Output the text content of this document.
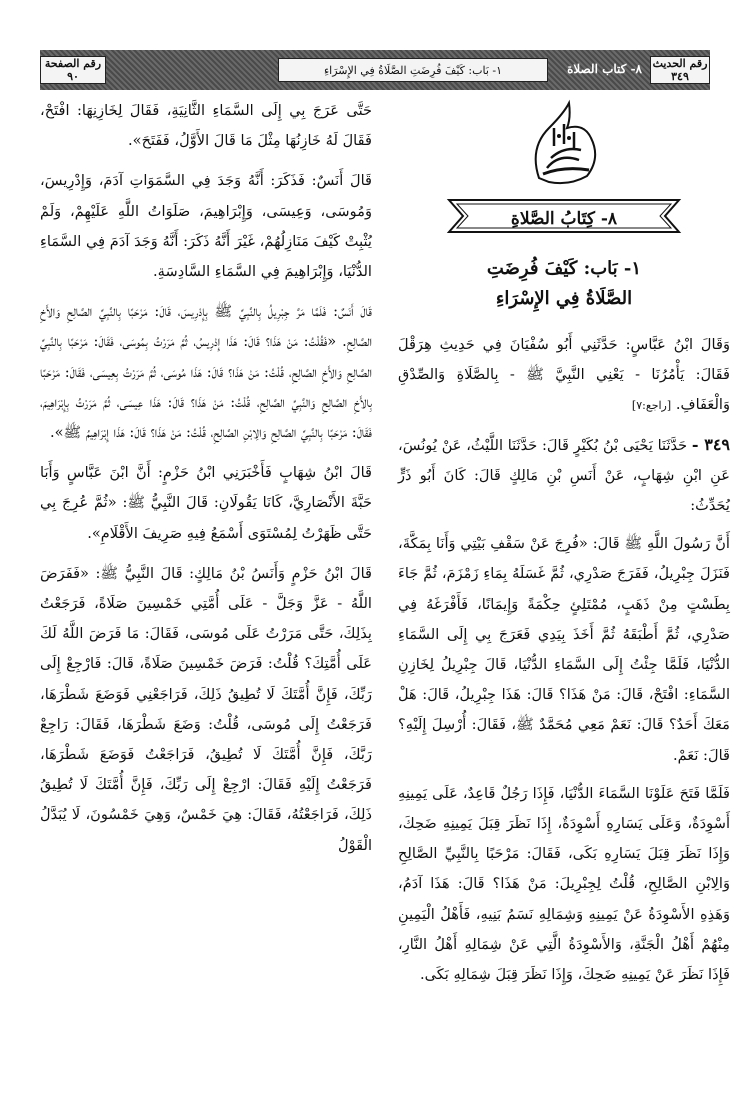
رقم الحديث
٣٤٩
٨- كتاب الصلاة
١- بَاب: كَيْفَ فُرِضَتِ الصَّلَاةُ فِي الإِسْرَاءِ
رقم الصفحة
٩٠
٨- كِتَابُ الصَّلاةِ
١- بَاب: كَيْفَ فُرِضَتِ
الصَّلَاةُ فِي الإِسْرَاءِ

وَقَالَ ابْنُ عَبَّاسٍ: حَدَّثَنِي أَبُو سُفْيَانَ فِي حَدِيثِ هِرَقْلَ فَقَالَ: يَأْمُرُنَا - يَعْنِي النَّبِيَّ ﷺ - بِالصَّلَاةِ وَالصِّدْقِ وَالْعَفَافِ. [راجع:٧]

٣٤٩ - حَدَّثَنَا يَحْيَى بْنُ بُكَيْرٍ قَالَ: حَدَّثَنَا اللَّيْثُ، عَنْ يُونُسَ، عَنِ ابْنِ شِهَابٍ، عَنْ أَنَسِ بْنِ مَالِكٍ قَالَ: كَانَ أَبُو ذَرٍّ يُحَدِّثُ:

أَنَّ رَسُولَ اللَّهِ ﷺ قَالَ: «فُرِجَ عَنْ سَقْفِ بَيْتِي وَأَنَا بِمَكَّةَ، فَنَزَلَ جِبْرِيلُ، فَفَرَجَ صَدْرِي، ثُمَّ غَسَلَهُ بِمَاءِ زَمْزَمَ، ثُمَّ جَاءَ بِطَسْتٍ مِنْ ذَهَبٍ، مُمْتَلِئٍ حِكْمَةً وَإِيمَانًا، فَأَفْرَغَهُ فِي صَدْرِي، ثُمَّ أَطْبَقَهُ ثُمَّ أَخَذَ بِيَدِي فَعَرَجَ بِي إِلَى السَّمَاءِ الدُّنْيَا، فَلَمَّا جِئْتُ إِلَى السَّمَاءِ الدُّنْيَا، قَالَ جِبْرِيلُ لِخَازِنِ السَّمَاءِ: افْتَحْ، قَالَ: مَنْ هَذَا؟ قَالَ: هَذَا جِبْرِيلُ، قَالَ: هَلْ مَعَكَ أَحَدٌ؟ قَالَ: نَعَمْ مَعِي مُحَمَّدٌ ﷺ، فَقَالَ: أُرْسِلَ إِلَيْهِ؟ قَالَ: نَعَمْ.

فَلَمَّا فَتَحَ عَلَوْنَا السَّمَاءَ الدُّنْيَا، فَإِذَا رَجُلٌ قَاعِدٌ، عَلَى يَمِينِهِ أَسْوِدَةٌ، وَعَلَى يَسَارِهِ أَسْوِدَةٌ، إِذَا نَظَرَ قِبَلَ يَمِينِهِ ضَحِكَ، وَإِذَا نَظَرَ قِبَلَ يَسَارِهِ بَكَى، فَقَالَ: مَرْحَبًا بِالنَّبِيِّ الصَّالِحِ وَالِابْنِ الصَّالِحِ، قُلْتُ لِجِبْرِيلَ: مَنْ هَذَا؟ قَالَ: هَذَا آدَمُ، وَهَذِهِ الأَسْوِدَةُ عَنْ يَمِينِهِ وَشِمَالِهِ نَسَمُ بَنِيهِ، فَأَهْلُ الْيَمِينِ مِنْهُمْ أَهْلُ الْجَنَّةِ، وَالأَسْوِدَةُ الَّتِي عَنْ شِمَالِهِ أَهْلُ النَّارِ، فَإِذَا نَظَرَ عَنْ يَمِينِهِ ضَحِكَ، وَإِذَا نَظَرَ قِبَلَ شِمَالِهِ بَكَى.

حَتَّى عَرَجَ بِي إِلَى السَّمَاءِ الثَّانِيَةِ، فَقَالَ لِخَازِنِهَا: افْتَحْ، فَقَالَ لَهُ خَازِنُهَا مِثْلَ مَا قَالَ الأَوَّلُ، فَفَتَحَ».

قَالَ أَنَسٌ: فَذَكَرَ: أَنَّهُ وَجَدَ فِي السَّمَوَاتِ آدَمَ، وَإِدْرِيسَ، وَمُوسَى، وَعِيسَى، وَإِبْرَاهِيمَ، صَلَوَاتُ اللَّهِ عَلَيْهِمْ، وَلَمْ يُثْبِتْ كَيْفَ مَنَازِلُهُمْ، غَيْرَ أَنَّهُ ذَكَرَ: أَنَّهُ وَجَدَ آدَمَ فِي السَّمَاءِ الدُّنْيَا، وَإِبْرَاهِيمَ فِي السَّمَاءِ السَّادِسَةِ.

قَالَ أَنَسٌ: فَلَمَّا مَرَّ جِبْرِيلُ بِالنَّبِيِّ ﷺ بِإِدْرِيسَ، قَالَ: مَرْحَبًا بِالنَّبِيِّ الصَّالِحِ وَالأَخِ الصَّالِحِ. «فَقُلْتُ: مَنْ هَذَا؟ قَالَ: هَذَا إِدْرِيسُ، ثُمَّ مَرَرْتُ بِمُوسَى، فَقَالَ: مَرْحَبًا بِالنَّبِيِّ الصَّالِحِ وَالأَخِ الصَّالِحِ، قُلْتُ: مَنْ هَذَا؟ قَالَ: هَذَا مُوسَى، ثُمَّ مَرَرْتُ بِعِيسَى، فَقَالَ: مَرْحَبًا بِالأَخِ الصَّالِحِ وَالنَّبِيِّ الصَّالِحِ، قُلْتُ: مَنْ هَذَا؟ قَالَ: هَذَا عِيسَى، ثُمَّ مَرَرْتُ بِإِبْرَاهِيمَ، فَقَالَ: مَرْحَبًا بِالنَّبِيِّ الصَّالِحِ وَالِابْنِ الصَّالِحِ، قُلْتُ: مَنْ هَذَا؟ قَالَ: هَذَا إِبْرَاهِيمُ ﷺ».

قَالَ ابْنُ شِهَابٍ فَأَخْبَرَنِي ابْنُ حَزْمٍ: أَنَّ ابْنَ عَبَّاسٍ وَأَبَا حَبَّةَ الأَنْصَارِيَّ، كَانَا يَقُولَانِ: قَالَ النَّبِيُّ ﷺ: «ثُمَّ عُرِجَ بِي حَتَّى ظَهَرْتُ لِمُسْتَوَى أَسْمَعُ فِيهِ صَرِيفَ الأَقْلَامِ».

قَالَ ابْنُ حَزْمٍ وَأَنَسُ بْنُ مَالِكٍ: قَالَ النَّبِيُّ ﷺ: «فَفَرَضَ اللَّهُ - عَزَّ وَجَلَّ - عَلَى أُمَّتِي خَمْسِينَ صَلَاةً، فَرَجَعْتُ بِذَلِكَ، حَتَّى مَرَرْتُ عَلَى مُوسَى، فَقَالَ: مَا فَرَضَ اللَّهُ لَكَ عَلَى أُمَّتِكَ؟ قُلْتُ: فَرَضَ خَمْسِينَ صَلَاةً، قَالَ: فَارْجِعْ إِلَى رَبِّكَ، فَإِنَّ أُمَّتَكَ لَا تُطِيقُ ذَلِكَ، فَرَاجَعْنِي فَوَضَعَ شَطْرَهَا، فَرَجَعْتُ إِلَى مُوسَى، قُلْتُ: وَضَعَ شَطْرَهَا، فَقَالَ: رَاجِعْ رَبَّكَ، فَإِنَّ أُمَّتَكَ لَا تُطِيقُ، فَرَاجَعْتُ فَوَضَعَ شَطْرَهَا، فَرَجَعْتُ إِلَيْهِ فَقَالَ: ارْجِعْ إِلَى رَبِّكَ، فَإِنَّ أُمَّتَكَ لَا تُطِيقُ ذَلِكَ، فَرَاجَعْتُهُ، فَقَالَ: هِيَ خَمْسٌ، وَهِيَ خَمْسُونَ، لَا يُبَدَّلُ الْقَوْلُ
